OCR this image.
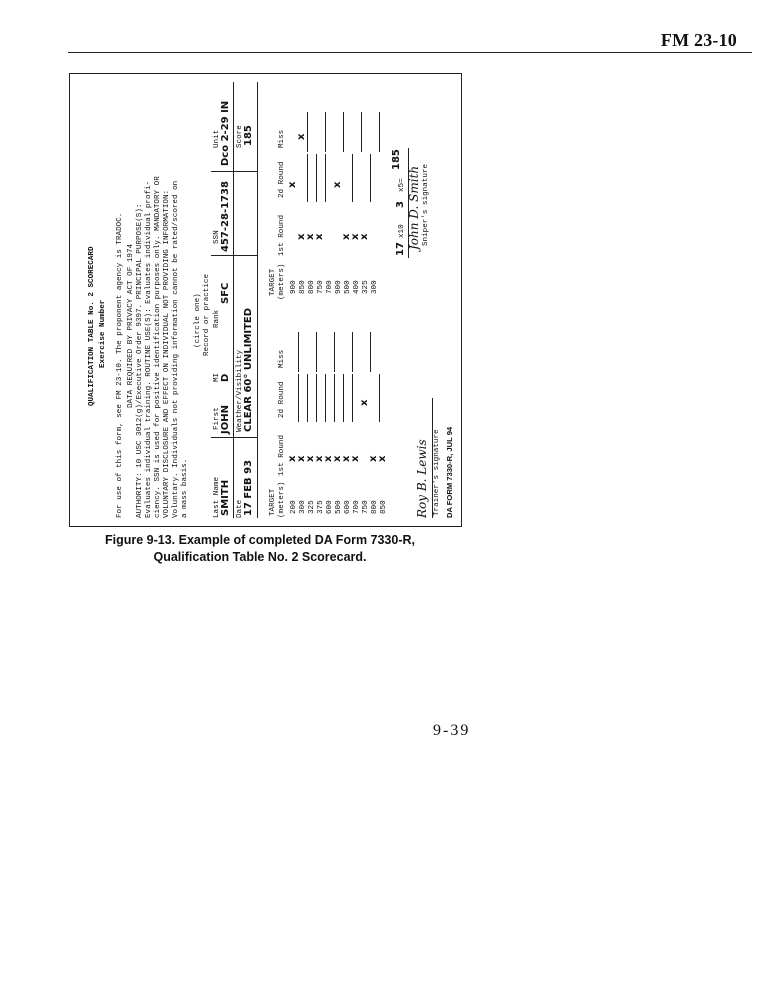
FM 23-10
QUALIFICATION TABLE No. 2 SCORECARD Exercise Number For use of this form, see FM 23-10. The proponent agency is TRADOC. DATA REQUIRED BY PRIVACY ACT OF 1974 AUTHORITY: 10 USC 3012(g)/Executive Order 9397. PRINCIPAL PURPOSE(S): Evaluates individual training. ROUTINE USE(S): Evaluates individual profi- ciency. SSN is used for positive identification purposes only. MANDATORY OR VOLUNTARY DISCLOSURE AND EFFECT ON INDIVIDUAL NOT PROVIDING INFORMATION: Voluntary. Individuals not providing information cannot be rated/scored on a mass basis.
(circle one) Record or practice
Last Name
First
MI
Rank
SSN
Unit
SMITH
JOHN
D
SFC
457-28-1738
Dco 2-29 IN
Date
Weather/Visibility
Score
17 FEB 93
CLEAR 60° UNLIMITED
185
TARGET (meters)
1st Round
2d Round
Miss
TARGET (meters)
1st Round
2d Round
Miss
200 300 325 375 600 500 600 700 750 800 850
x
x
x
x
x
x
x
x x
x
x
900 850 800 750 700 900 500 400 325 300
x
x
x x
x
x
x	x
x
17
x10
3
x5=
185
Roy B. Lewis Trainer's signature
John D. Smith Sniper's signature
DA FORM 7330-R, JUL 94
Figure 9-13. Example of completed DA Form 7330-R,
Qualification Table No. 2 Scorecard.
9-39
